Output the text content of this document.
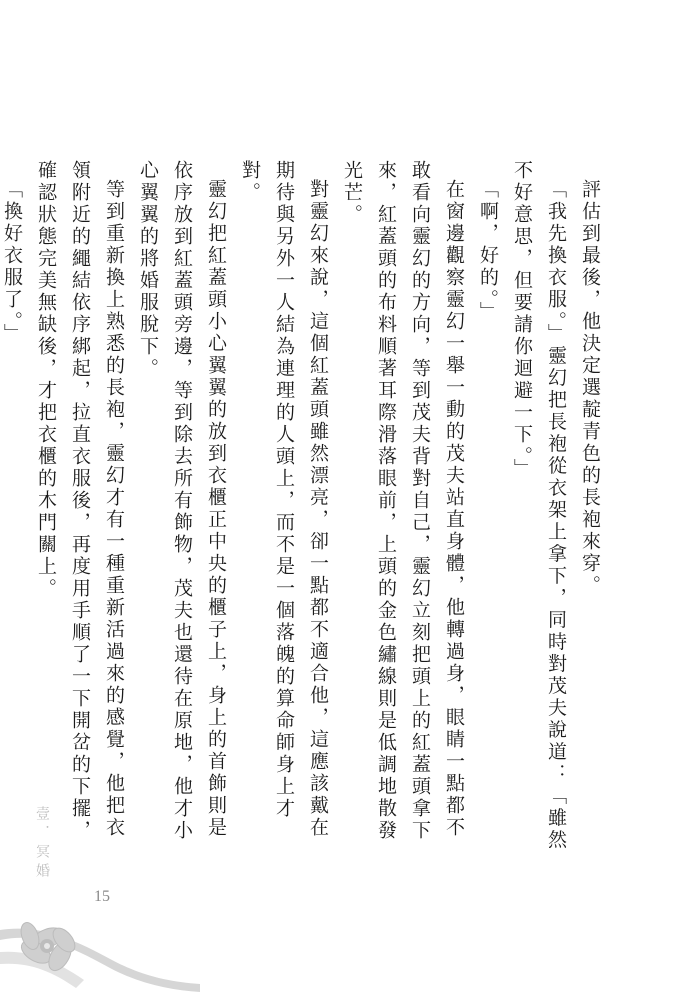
評估到最後，他決定選靛青色的長袍來穿。

「我先換衣服。」靈幻把長袍從衣架上拿下，同時對茂夫說道：「雖然不好意思，但要請你迴避一下。」

「啊，好的。」

在窗邊觀察靈幻一舉一動的茂夫站直身體，他轉過身，眼睛一點都不敢看向靈幻的方向，等到茂夫背對自己，靈幻立刻把頭上的紅蓋頭拿下來，紅蓋頭的布料順著耳際滑落眼前，上頭的金色繡線則是低調地散發光芒。

對靈幻來說，這個紅蓋頭雖然漂亮，卻一點都不適合他，這應該戴在期待與另外一人結為連理的人頭上，而不是一個落魄的算命師身上才對。

靈幻把紅蓋頭小心翼翼的放到衣櫃正中央的櫃子上，身上的首飾則是依序放到紅蓋頭旁邊，等到除去所有飾物，茂夫也還待在原地，他才小心翼翼的將婚服脫下。

等到重新換上熟悉的長袍，靈幻才有一種重新活過來的感覺，他把衣領附近的繩結依序綁起，拉直衣服後，再度用手順了一下開岔的下擺，確認狀態完美無缺後，才把衣櫃的木門關上。

「換好衣服了。」

壹．冥婚
15
